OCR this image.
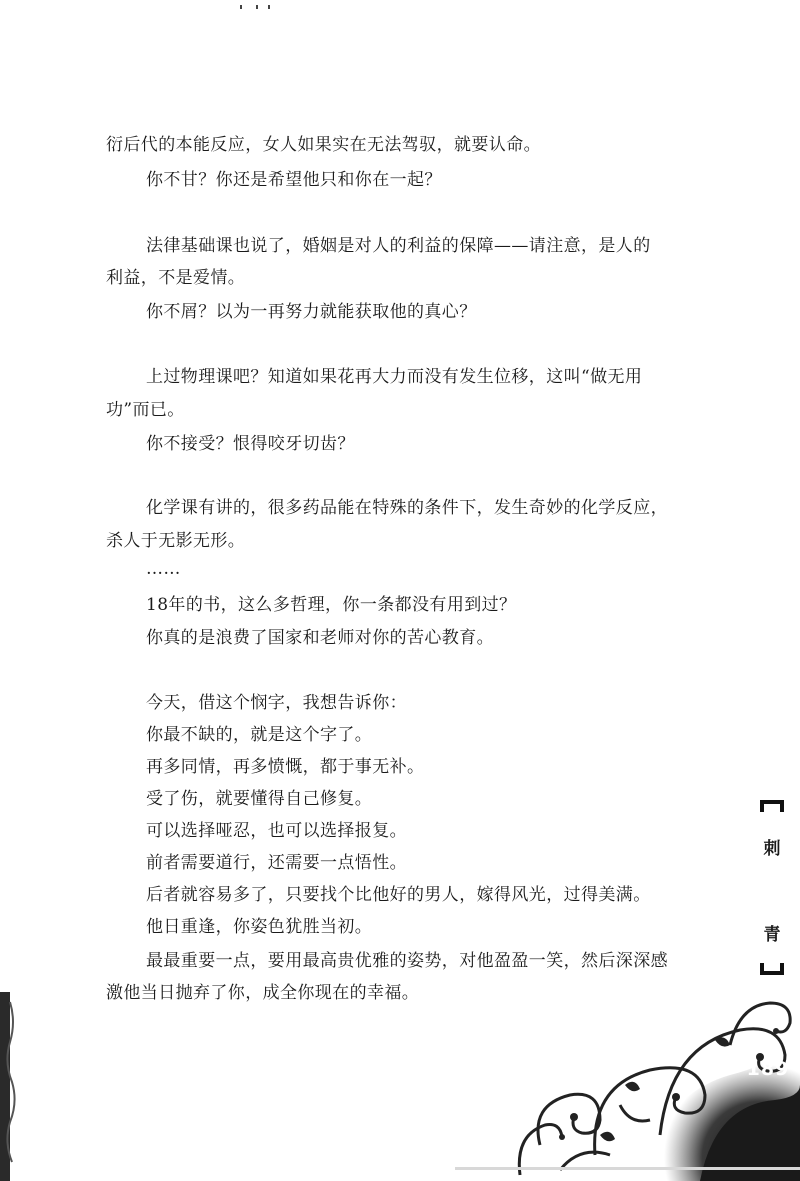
衍后代的本能反应，女人如果实在无法驾驭，就要认命。
你不甘？你还是希望他只和你在一起？
法律基础课也说了，婚姻是对人的利益的保障——请注意，是人的
利益，不是爱情。
你不屑？以为一再努力就能获取他的真心？
上过物理课吧？知道如果花再大力而没有发生位移，这叫“做无用
功”而已。
你不接受？恨得咬牙切齿？
化学课有讲的，很多药品能在特殊的条件下，发生奇妙的化学反应，
杀人于无影无形。
……
18年的书，这么多哲理，你一条都没有用到过？
你真的是浪费了国家和老师对你的苦心教育。
今天，借这个悯字，我想告诉你：
你最不缺的，就是这个字了。
再多同情，再多愤慨，都于事无补。
受了伤，就要懂得自己修复。
可以选择哑忍，也可以选择报复。
前者需要道行，还需要一点悟性。
后者就容易多了，只要找个比他好的男人，嫁得风光，过得美满。
他日重逢，你姿色犹胜当初。
最最重要一点，要用最高贵优雅的姿势，对他盈盈一笑，然后深深感
激他当日抛弃了你，成全你现在的幸福。
刺
青
189
